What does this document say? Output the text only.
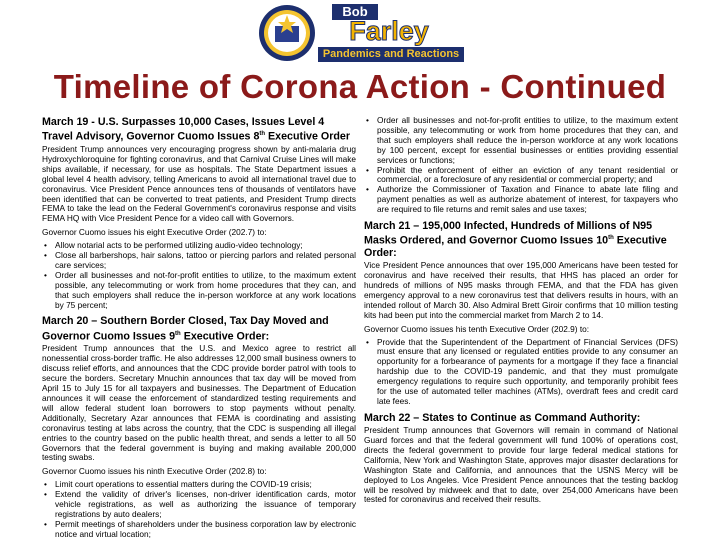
Bob
Farley
Pandemics and Reactions
Timeline of Corona Action - Continued
March 19 - U.S. Surpasses 10,000 Cases, Issues Level 4 Travel Advisory, Governor Cuomo Issues 8th Executive Order

President Trump announces very encouraging progress shown by anti-malaria drug Hydroxychloroquine for fighting coronavirus, and that Carnival Cruise Lines will make ships available, if necessary, for use as hospitals. The State Department issues a global level 4 health advisory, telling Americans to avoid all international travel due to coronavirus. Vice President Pence announces tens of thousands of ventilators have been identified that can be converted to treat patients, and President Trump directs FEMA to take the lead on the Federal Government's coronavirus response and visits FEMA HQ with Vice President Pence for a video call with Governors.

Governor Cuomo issues his eight Executive Order (202.7) to:

• Allow notarial acts to be performed utilizing audio-video technology;
• Close all barbershops, hair salons, tattoo or piercing parlors and related personal care services;
• Order all businesses and not-for-profit entities to utilize, to the maximum extent possible, any telecommuting or work from home procedures that they can, and that such employers shall reduce the in-person workforce at any work locations by 75 percent;
March 20 – Southern Border Closed, Tax Day Moved and Governor Cuomo Issues 9th Executive Order:

President Trump announces that the U.S. and Mexico agree to restrict all nonessential cross-border traffic. He also addresses 12,000 small business owners to discuss relief efforts, and announces that the CDC provide border patrol with tools to secure the borders. Secretary Mnuchin announces that tax day will be moved from April 15 to July 15 for all taxpayers and businesses. The Department of Education announces it will cease the enforcement of standardized testing requirements and will allow federal student loan borrowers to stop payments without penalty. Additionally, Secretary Azar announces that FEMA is coordinating and assisting coronavirus testing at labs across the country, that the CDC is suspending all illegal entries to the country based on the public health threat, and sends a letter to all 50 Governors that the federal government is buying and making available 200,000 testing swabs.

Governor Cuomo issues his ninth Executive Order (202.8) to:

• Limit court operations to essential matters during the COVID-19 crisis;
• Extend the validity of driver's licenses, non-driver identification cards, motor vehicle registrations, as well as authorizing the issuance of temporary registrations by auto dealers;
• Permit meetings of shareholders under the business corporation law by electronic notice and virtual location;
• Order all businesses and not-for-profit entities to utilize, to the maximum extent possible, any telecommuting or work from home procedures that they can, and that such employers shall reduce the in-person workforce at any work locations by 100 percent, except for essential businesses or entities providing essential services or functions;
• Prohibit the enforcement of either an eviction of any tenant residential or commercial, or a foreclosure of any residential or commercial property; and
• Authorize the Commissioner of Taxation and Finance to abate late filing and payment penalties as well as authorize abatement of interest, for taxpayers who are required to file returns and remit sales and use taxes;
March 21 – 195,000 Infected, Hundreds of Millions of N95 Masks Ordered, and Governor Cuomo Issues 10th Executive Order:

Vice President Pence announces that over 195,000 Americans have been tested for coronavirus and have received their results, that HHS has placed an order for hundreds of millions of N95 masks through FEMA, and that the FDA has given emergency approval to a new coronavirus test that delivers results in hours, with an intended rollout of March 30. Also Admiral Brett Giroir confirms that 10 million testing kits had been put into the commercial market from March 2 to 14.

Governor Cuomo issues his tenth Executive Order (202.9) to:

• Provide that the Superintendent of the Department of Financial Services (DFS) must ensure that any licensed or regulated entities provide to any consumer an opportunity for a forbearance of payments for a mortgage if they face a financial hardship due to the COVID-19 pandemic, and that they must promulgate emergency regulations to require such opportunity, and temporarily prohibit fees for the use of automated teller machines (ATMs), overdraft fees and credit card late fees.
March 22 – States to Continue as Command Authority:

President Trump announces that Governors will remain in command of National Guard forces and that the federal government will fund 100% of operations cost, directs the federal government to provide four large federal medical stations for California, New York and Washington State, approves major disaster declarations for Washington State and California, and announces that the USNS Mercy will be deployed to Los Angeles. Vice President Pence announces that the testing backlog will be resolved by midweek and that to date, over 254,000 Americans have been tested for coronavirus and received their results.
